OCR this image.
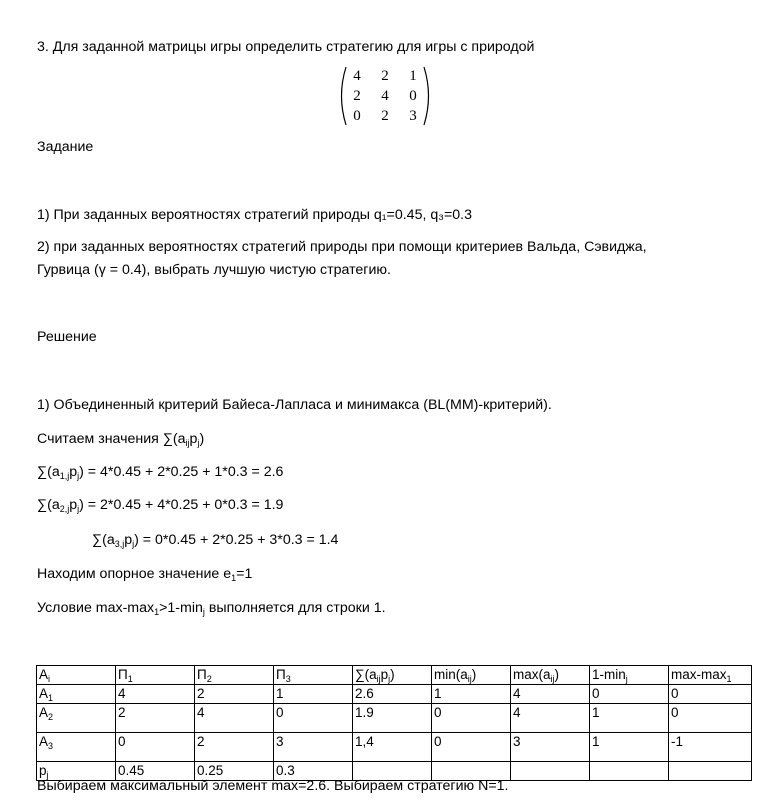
3. Для заданной матрицы игры определить стратегию для игры с природой
4	2	1
2	4	0
0	2	3
Задание
1) При заданных вероятностях стратегий природы q₁=0.45, q₃=0.3
2) при заданных вероятностях стратегий природы при помощи критериев Вальда, Сэвиджа,
Гурвица (γ = 0.4), выбрать лучшую чистую стратегию.
Решение
1) Объединенный критерий Байеса-Лапласа и минимакса (BL(MM)-критерий).
Считаем значения $\sum(a_{ij}p_j)$
$\sum(a_{1,j}p_j) = 4*0.45 + 2*0.25 + 1*0.3 = 2.6$
$\sum(a_{2,j}p_j) = 2*0.45 + 4*0.25 + 0*0.3 = 1.9$
$\sum(a_{3,j}p_j) = 0*0.45 + 2*0.25 + 3*0.3 = 1.4$
Находим опорное значение $e_1=1$
Условие $\max-\max_1>1-\min_j$ выполняется для строки 1.
$A_i$	$П_1$	$П_2$	$П_3$	$\sum(a_{ij}p_j)$	$\min(a_{ij})$	$\max(a_{ij})$	$1-\min_j$	$\max-\max_1$
$A_1$	4	2	1	2.6	1	4	0	0
$A_2$	2	4	0	1.9	0	4	1	0
$A_3$	0	2	3	1,4	0	3	1	-1
$p_j$	0.45	0.25	0.3					
Выбираем максимальный элемент max=2.6. Выбираем стратегию N=1.
